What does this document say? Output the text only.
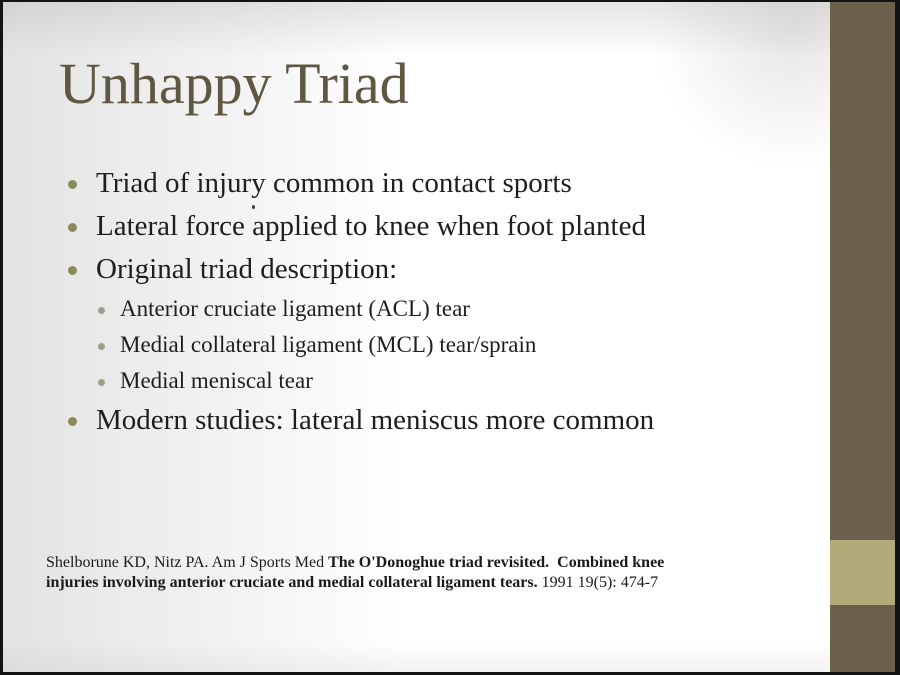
Unhappy Triad
Triad of injury common in contact sports
Lateral force applied to knee when foot planted
Original triad description:
Anterior cruciate ligament (ACL) tear
Medial collateral ligament (MCL) tear/sprain
Medial meniscal tear
Modern studies: lateral meniscus more common
Shelborune KD, Nitz PA. Am J Sports Med The O'Donoghue triad revisited.  Combined knee
injuries involving anterior cruciate and medial collateral ligament tears. 1991 19(5): 474-7
